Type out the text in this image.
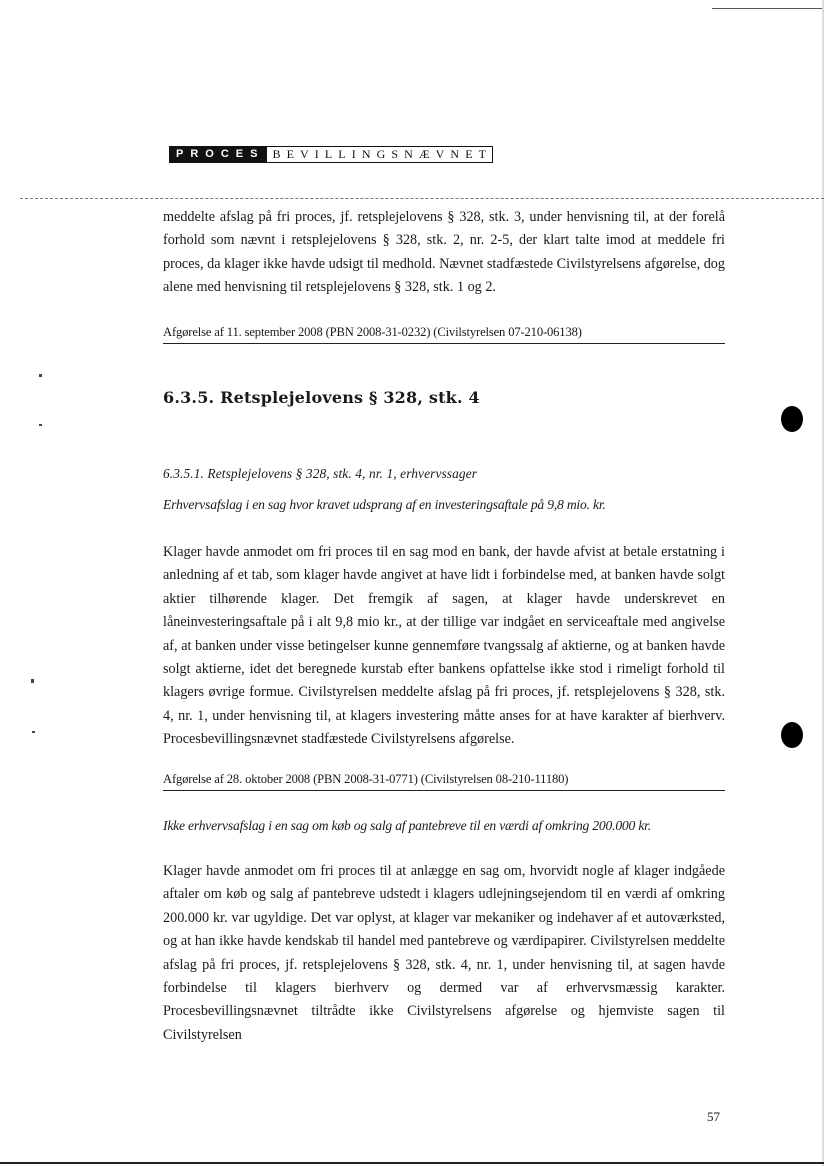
PROCES BEVILLINGSNÆVNET

meddelte afslag på fri proces, jf. retsplejelovens § 328, stk. 3, under henvisning til, at der forelå forhold som nævnt i retsplejelovens § 328, stk. 2, nr. 2-5, der klart talte imod at meddele fri proces, da klager ikke havde udsigt til medhold. Nævnet stadfæstede Civilstyrelsens afgørelse, dog alene med henvisning til retsplejelovens § 328, stk. 1 og 2.

Afgørelse af 11. september 2008 (PBN 2008-31-0232) (Civilstyrelsen 07-210-06138)
6.3.5. Retsplejelovens § 328, stk. 4
6.3.5.1. Retsplejelovens § 328, stk. 4, nr. 1, erhvervssager
Erhvervsafslag i en sag hvor kravet udsprang af en investeringsaftale på 9,8 mio. kr.

Klager havde anmodet om fri proces til en sag mod en bank, der havde afvist at betale erstatning i anledning af et tab, som klager havde angivet at have lidt i forbindelse med, at banken havde solgt aktier tilhørende klager. Det fremgik af sagen, at klager havde underskrevet en låneinvesteringsaftale på i alt 9,8 mio kr., at der tillige var indgået en serviceaftale med angivelse af, at banken under visse betingelser kunne gennemføre tvangssalg af aktierne, og at banken havde solgt aktierne, idet det beregnede kurstab efter bankens opfattelse ikke stod i rimeligt forhold til klagers øvrige formue. Civilstyrelsen meddelte afslag på fri proces, jf. retsplejelovens § 328, stk. 4, nr. 1, under henvisning til, at klagers investering måtte anses for at have karakter af bierhverv. Procesbevillingsnævnet stadfæstede Civilstyrelsens afgørelse.

Afgørelse af 28. oktober 2008 (PBN 2008-31-0771) (Civilstyrelsen 08-210-11180)
Ikke erhvervsafslag i en sag om køb og salg af pantebreve til en værdi af omkring 200.000 kr.

Klager havde anmodet om fri proces til at anlægge en sag om, hvorvidt nogle af klager indgåede aftaler om køb og salg af pantebreve udstedt i klagers udlejningsejendom til en værdi af omkring 200.000 kr. var ugyldige. Det var oplyst, at klager var mekaniker og indehaver af et autoværksted, og at han ikke havde kendskab til handel med pantebreve og værdipapirer. Civilstyrelsen meddelte afslag på fri proces, jf. retsplejelovens § 328, stk. 4, nr. 1, under henvisning til, at sagen havde forbindelse til klagers bierhverv og dermed var af erhvervsmæssig karakter. Procesbevillingsnævnet tiltrådte ikke Civilstyrelsens afgørelse og hjemviste sagen til Civilstyrelsen

57
